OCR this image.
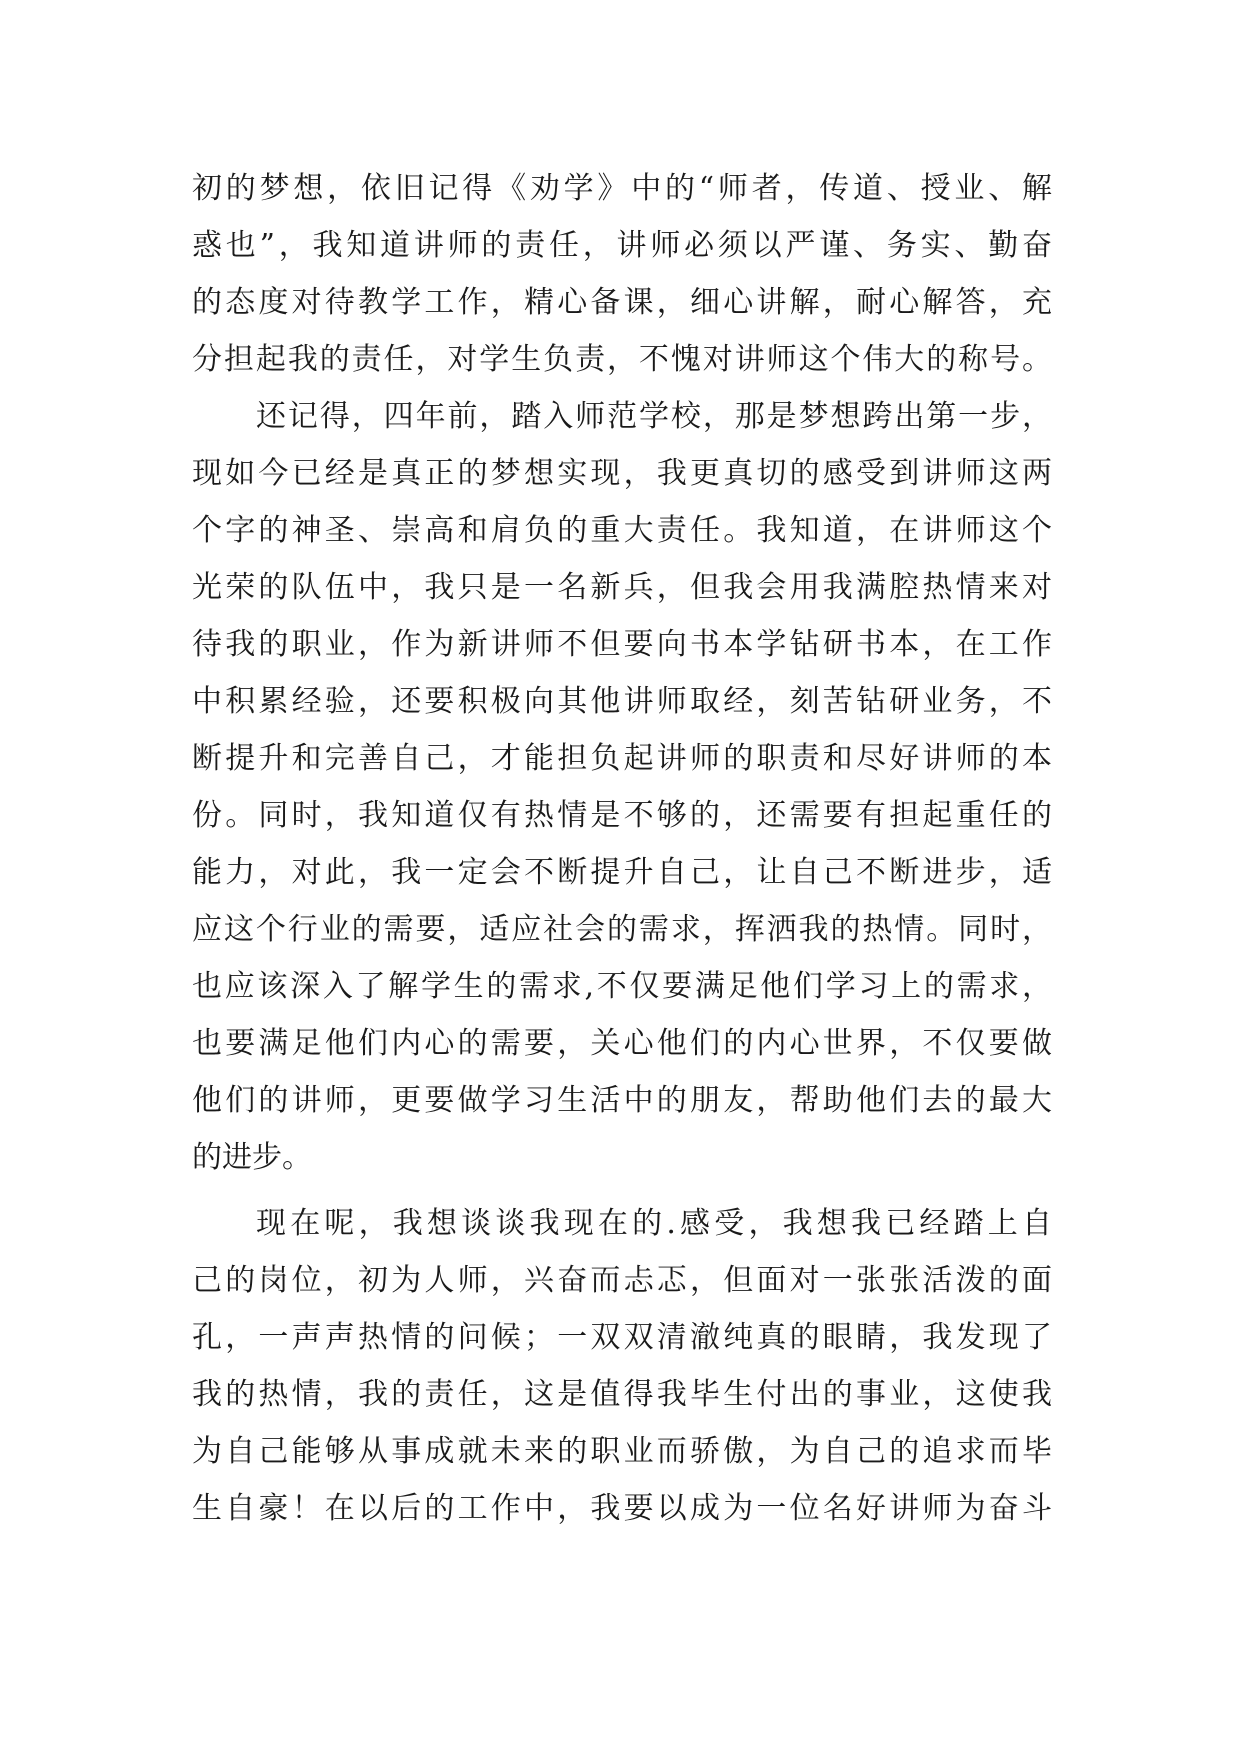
初的梦想，依旧记得《劝学》中的“师者，传道、授业、解
惑也”，我知道讲师的责任，讲师必须以严谨、务实、勤奋
的态度对待教学工作，精心备课，细心讲解，耐心解答，充
分担起我的责任，对学生负责，不愧对讲师这个伟大的称号。
还记得，四年前，踏入师范学校，那是梦想跨出第一步，
现如今已经是真正的梦想实现，我更真切的感受到讲师这两
个字的神圣、崇高和肩负的重大责任。我知道，在讲师这个
光荣的队伍中，我只是一名新兵，但我会用我满腔热情来对
待我的职业，作为新讲师不但要向书本学钻研书本，在工作
中积累经验，还要积极向其他讲师取经，刻苦钻研业务，不
断提升和完善自己，才能担负起讲师的职责和尽好讲师的本
份。同时，我知道仅有热情是不够的，还需要有担起重任的
能力，对此，我一定会不断提升自己，让自己不断进步，适
应这个行业的需要，适应社会的需求，挥洒我的热情。同时，
也应该深入了解学生的需求,不仅要满足他们学习上的需求，
也要满足他们内心的需要，关心他们的内心世界，不仅要做
他们的讲师，更要做学习生活中的朋友，帮助他们去的最大
的进步。
现在呢，我想谈谈我现在的.感受，我想我已经踏上自
己的岗位，初为人师，兴奋而忐忑，但面对一张张活泼的面
孔，一声声热情的问候；一双双清澈纯真的眼睛，我发现了
我的热情，我的责任，这是值得我毕生付出的事业，这使我
为自己能够从事成就未来的职业而骄傲，为自己的追求而毕
生自豪！在以后的工作中，我要以成为一位名好讲师为奋斗
